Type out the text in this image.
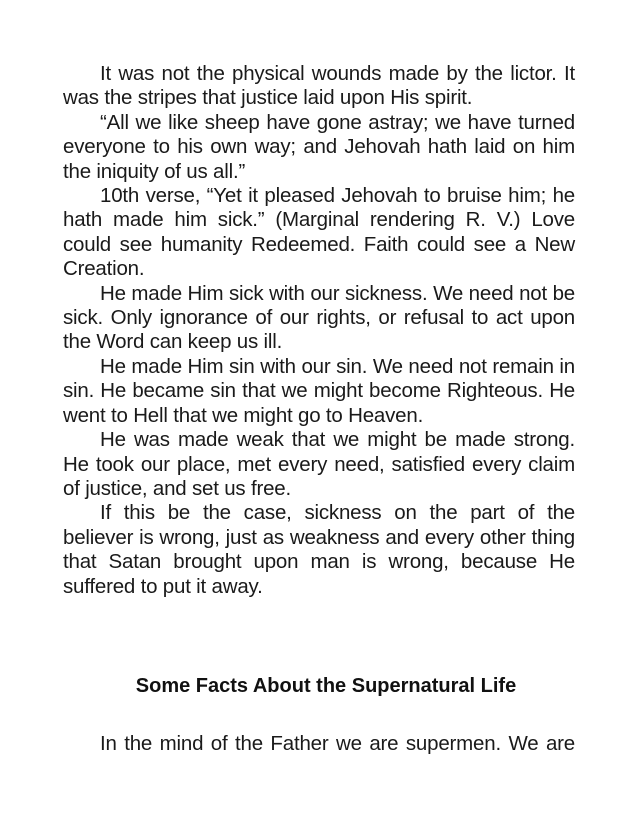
It was not the physical wounds made by the lictor. It was the stripes that justice laid upon His spirit.

“All we like sheep have gone astray; we have turned everyone to his own way; and Jehovah hath laid on him the iniquity of us all.”

10th verse, “Yet it pleased Jehovah to bruise him; he hath made him sick.” (Marginal rendering R. V.) Love could see humanity Redeemed. Faith could see a New Creation.

He made Him sick with our sickness. We need not be sick. Only ignorance of our rights, or refusal to act upon the Word can keep us ill.

He made Him sin with our sin. We need not remain in sin. He became sin that we might become Righteous. He went to Hell that we might go to Heaven.

He was made weak that we might be made strong. He took our place, met every need, satisfied every claim of justice, and set us free.

If this be the case, sickness on the part of the believer is wrong, just as weakness and every other thing that Satan brought upon man is wrong, because He suffered to put it away.

Some Facts About the Supernatural Life
In the mind of the Father we are supermen. We are
